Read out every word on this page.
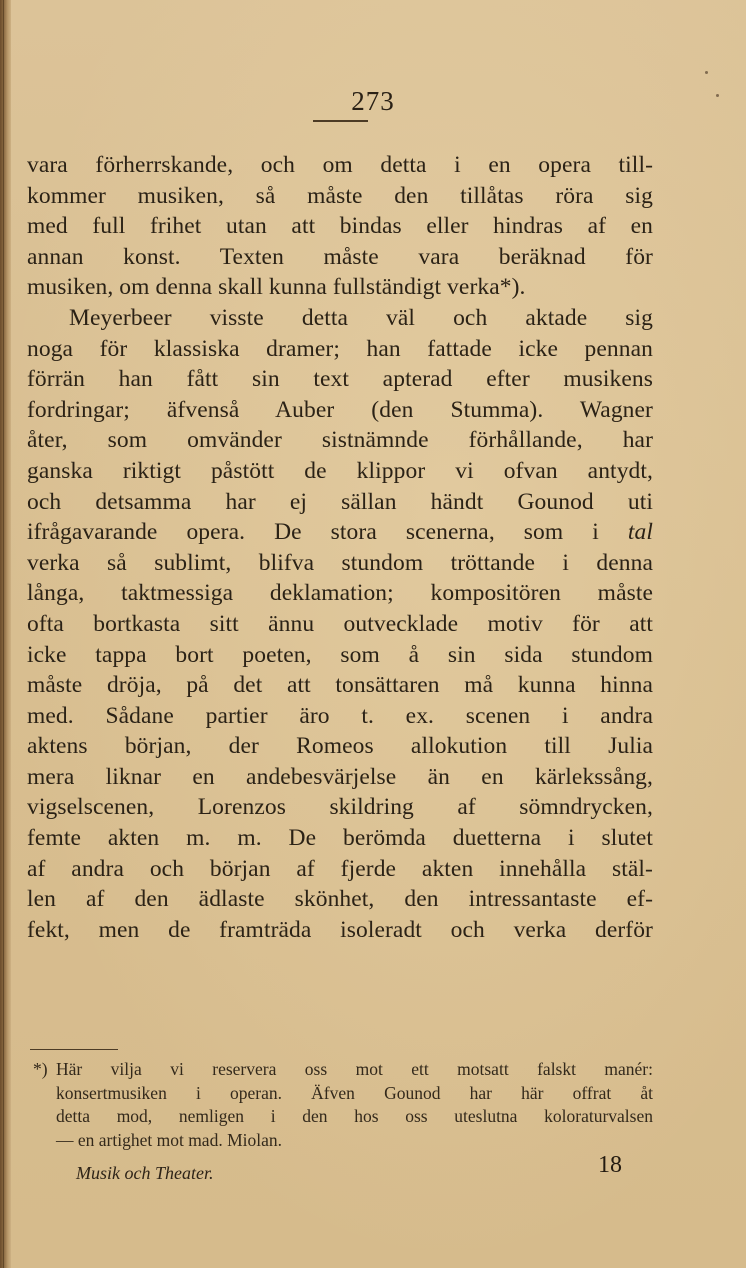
273
vara förherrskande, och om detta i en opera till-
kommer musiken, så måste den tillåtas röra sig
med full frihet utan att bindas eller hindras af en
annan konst. Texten måste vara beräknad för
musiken, om denna skall kunna fullständigt verka*).
Meyerbeer visste detta väl och aktade sig
noga för klassiska dramer; han fattade icke pennan
förrän han fått sin text apterad efter musikens
fordringar; äfvenså Auber (den Stumma). Wagner
åter, som omvänder sistnämnde förhållande, har
ganska riktigt påstött de klippor vi ofvan antydt,
och detsamma har ej sällan händt Gounod uti
ifrågavarande opera. De stora scenerna, som i tal
verka så sublimt, blifva stundom tröttande i denna
långa, taktmessiga deklamation; kompositören måste
ofta bortkasta sitt ännu outvecklade motiv för att
icke tappa bort poeten, som å sin sida stundom
måste dröja, på det att tonsättaren må kunna hinna
med. Sådane partier äro t. ex. scenen i andra
aktens början, der Romeos allokution till Julia
mera liknar en andebesvärjelse än en kärlekssång,
vigselscenen, Lorenzos skildring af sömndrycken,
femte akten m. m. De berömda duetterna i slutet
af andra och början af fjerde akten innehålla stäl-
len af den ädlaste skönhet, den intressantaste ef-
fekt, men de framträda isoleradt och verka derför
*) Här vilja vi reservera oss mot ett motsatt falskt manér:
konsertmusiken i operan. Äfven Gounod har här offrat åt
detta mod, nemligen i den hos oss uteslutna koloraturvalsen
— en artighet mot mad. Miolan.
Musik och Theater.	18
